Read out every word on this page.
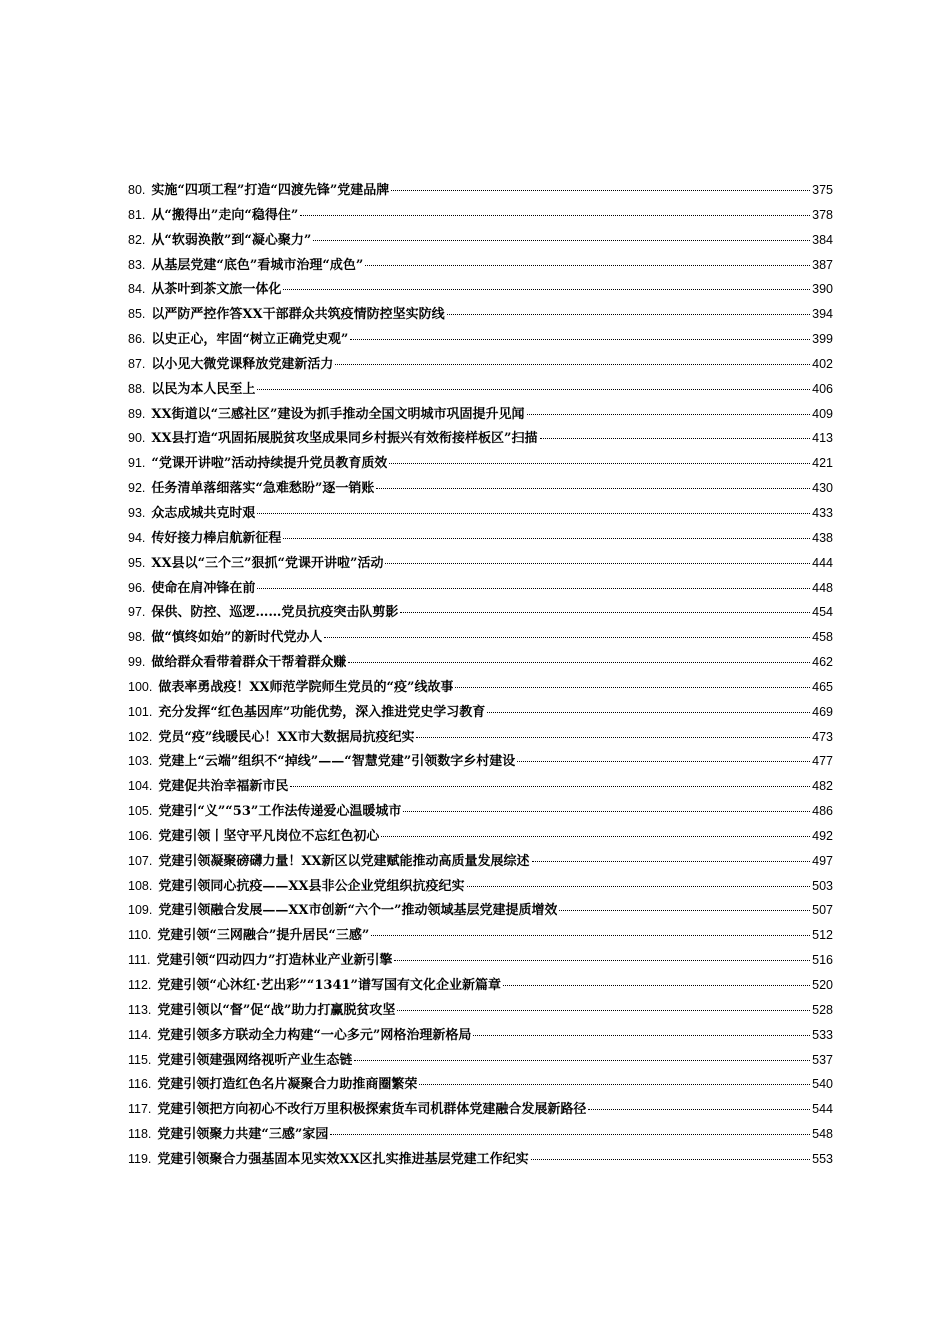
80. 实施“四项工程”打造“四渡先锋”党建品牌	375
81. 从“搬得出”走向“稳得住”	378
82. 从“软弱涣散”到“凝心聚力”	384
83. 从基层党建“底色”看城市治理“成色”	387
84. 从茶叶到茶文旅一体化	390
85. 以严防严控作答XX干部群众共筑疫情防控坚实防线	394
86. 以史正心，牢固“树立正确党史观”	399
87. 以小见大微党课释放党建新活力	402
88. 以民为本人民至上	406
89. XX街道以“三感社区”建设为抓手推动全国文明城市巩固提升见闻	409
90. XX县打造“巩固拓展脱贫攻坚成果同乡村振兴有效衔接样板区”扫描	413
91. “党课开讲啦”活动持续提升党员教育质效	421
92. 任务清单落细落实“急难愁盼”逐一销账	430
93. 众志成城共克时艰	433
94. 传好接力棒启航新征程	438
95. XX县以“三个三”狠抓“党课开讲啦”活动	444
96. 使命在肩冲锋在前	448
97. 保供、防控、巡逻……党员抗疫突击队剪影	454
98. 做“慎终如始”的新时代党办人	458
99. 做给群众看带着群众干帮着群众赚	462
100. 做表率勇战疫！XX师范学院师生党员的“疫”线故事	465
101. 充分发挥“红色基因库”功能优势，深入推进党史学习教育	469
102. 党员“疫”线暖民心！XX市大数据局抗疫纪实	473
103. 党建上“云端”组织不“掉线”——“智慧党建”引领数字乡村建设	477
104. 党建促共治幸福新市民	482
105. 党建引“义”“53”工作法传递爱心温暖城市	486
106. 党建引领丨坚守平凡岗位不忘红色初心	492
107. 党建引领凝聚磅礴力量！XX新区以党建赋能推动高质量发展综述	497
108. 党建引领同心抗疫——XX县非公企业党组织抗疫纪实	503
109. 党建引领融合发展——XX市创新“六个一”推动领域基层党建提质增效	507
110. 党建引领“三网融合”提升居民“三感”	512
111. 党建引领“四动四力”打造林业产业新引擎	516
112. 党建引领“心沐红·艺出彩”“1341”谱写国有文化企业新篇章	520
113. 党建引领以“督”促“战”助力打赢脱贫攻坚	528
114. 党建引领多方联动全力构建“一心多元”网格治理新格局	533
115. 党建引领建强网络视听产业生态链	537
116. 党建引领打造红色名片凝聚合力助推商圈繁荣	540
117. 党建引领把方向初心不改行万里积极探索货车司机群体党建融合发展新路径	544
118. 党建引领聚力共建“三感”家园	548
119. 党建引领聚合力强基固本见实效XX区扎实推进基层党建工作纪实	553
